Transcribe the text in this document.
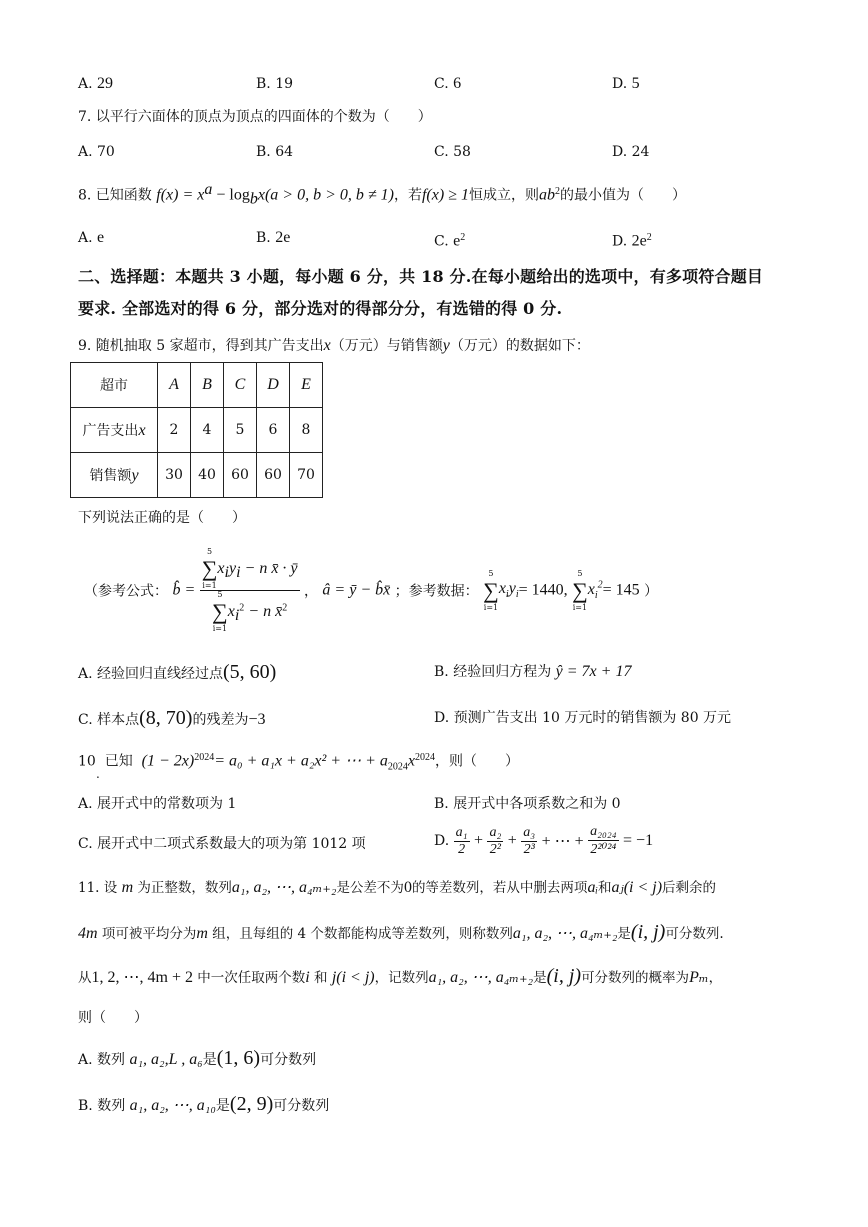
A. 29	B. 19	C. 6	D. 5
7. 以平行六面体的顶点为顶点的四面体的个数为（　　）
A. 70	B. 64	C. 58	D. 24
8. 已知函数 $f(x) = x^a - \log_bx(a > 0$, b > 0, b ≠ 1)，若f(x) ≥ 1恒成立，则$ab^2$的最小值为（　　）
A. e	B. 2e	C. $e^2$	D. $2e^2$
二、选择题：本题共 3 小题，每小题 6 分，共 18 分.在每小题给出的选项中，有多项符合题目
要求. 全部选对的得 6 分，部分选对的得部分分，有选错的得 0 分.
9. 随机抽取 5 家超市，得到其广告支出x（万元）与销售额y（万元）的数据如下：
超市	A	B	C	D	E
广告支出x	2	4	5	6	8
销售额y	30	40	60	60	70
下列说法正确的是（　　）
（参考公式： b̂ = 5
∑
i=1
$x_iy_i - n$ x̄ · ȳ
5
∑
i=1
$x_i^2 - n$ x̄$^2$ ， â = ȳ − b̂x̄ ；参考数据：
5
∑
i=1
$x_iy_i= 1440$,
5
∑
i=1
$x_i^2= 145$ ）
A. 经验回归直线经过点(5, 60)	B. 经验回归方程为 ŷ = 7x + 17
C. 样本点(8, 70)的残差为−3	D. 预测广告支出 10 万元时的销售额为 80 万元
10 已知 $(1 - 2x)^{2024}= a_0 + a_1x + a_2x^2$ + ⋯ + $a_{2024}x^{2024}$，则（　　）
.
A. 展开式中的常数项为 1	B. 展开式中各项系数之和为 0
C. 展开式中二项式系数最大的项为第 1012 项	D. $\frac{\text{a₁}}{2} + \frac{\text{a₂}}{\text{2²}} + \frac{\text{a₃}}{\text{2³}}$ + ⋯ + $\frac{\text{a₂₀₂₄}}{\text{2²⁰²⁴}} = -1$
11. 设 m 为正整数，数列a₁, a₂, ⋯, a₄ₘ₊₂是公差不为0的等差数列，若从中删去两项aᵢ和aⱼ(i < j)后剩余的
4m 项可被平均分为m 组，且每组的 4 个数都能构成等差数列，则称数列a₁, a₂, ⋯, a₄ₘ₊₂是(i, j)可分数列.
从1, 2, ⋯, 4m + 2 中一次任取两个数i 和 j(i < j)，记数列a₁, a₂, ⋯, a₄ₘ₊₂是(i, j)可分数列的概率为Pₘ，
则（　　）
A. 数列 a₁, a₂,L , a₆是(1, 6)可分数列
B. 数列 a₁, a₂, ⋯, a₁₀是(2, 9)可分数列
